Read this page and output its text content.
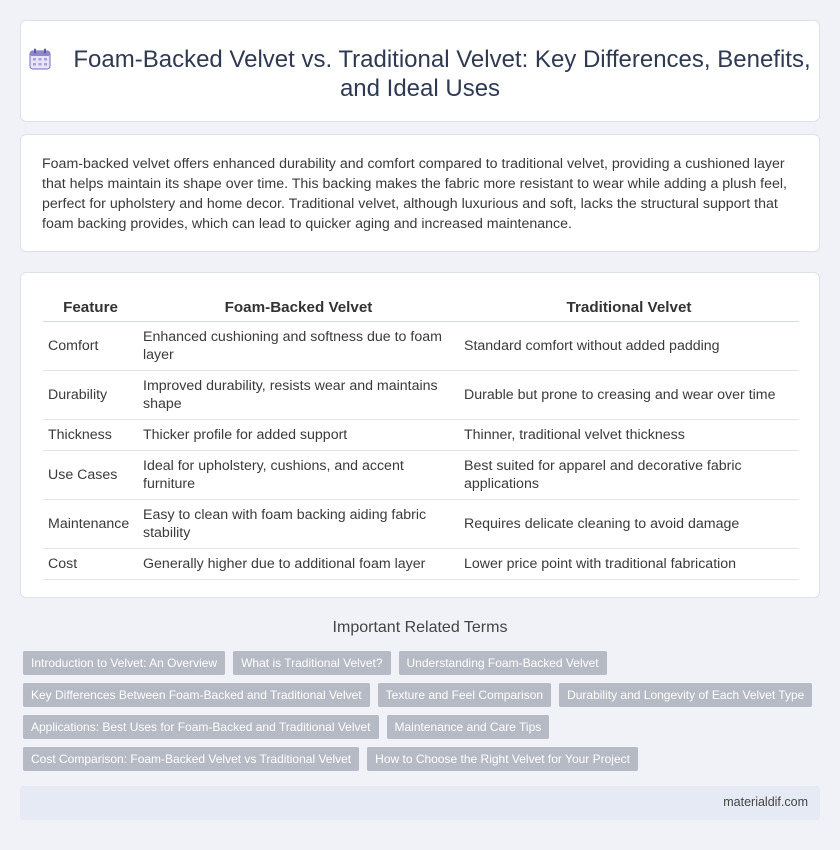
Foam-Backed Velvet vs. Traditional Velvet: Key Differences, Benefits, and Ideal Uses

Foam-backed velvet offers enhanced durability and comfort compared to traditional velvet, providing a cushioned layer that helps maintain its shape over time. This backing makes the fabric more resistant to wear while adding a plush feel, perfect for upholstery and home decor. Traditional velvet, although luxurious and soft, lacks the structural support that foam backing provides, which can lead to quicker aging and increased maintenance.

Feature	Foam-Backed Velvet	Traditional Velvet
Comfort	Enhanced cushioning and softness due to foam layer	Standard comfort without added padding
Durability	Improved durability, resists wear and maintains shape	Durable but prone to creasing and wear over time
Thickness	Thicker profile for added support	Thinner, traditional velvet thickness
Use Cases	Ideal for upholstery, cushions, and accent furniture	Best suited for apparel and decorative fabric applications
Maintenance	Easy to clean with foam backing aiding fabric stability	Requires delicate cleaning to avoid damage
Cost	Generally higher due to additional foam layer	Lower price point with traditional fabrication
Important Related Terms
Introduction to Velvet: An Overview	What is Traditional Velvet?	Understanding Foam-Backed Velvet
Key Differences Between Foam-Backed and Traditional Velvet	Texture and Feel Comparison	Durability and Longevity of Each Velvet Type
Applications: Best Uses for Foam-Backed and Traditional Velvet	Maintenance and Care Tips
Cost Comparison: Foam-Backed Velvet vs Traditional Velvet	How to Choose the Right Velvet for Your Project
materialdif.com
